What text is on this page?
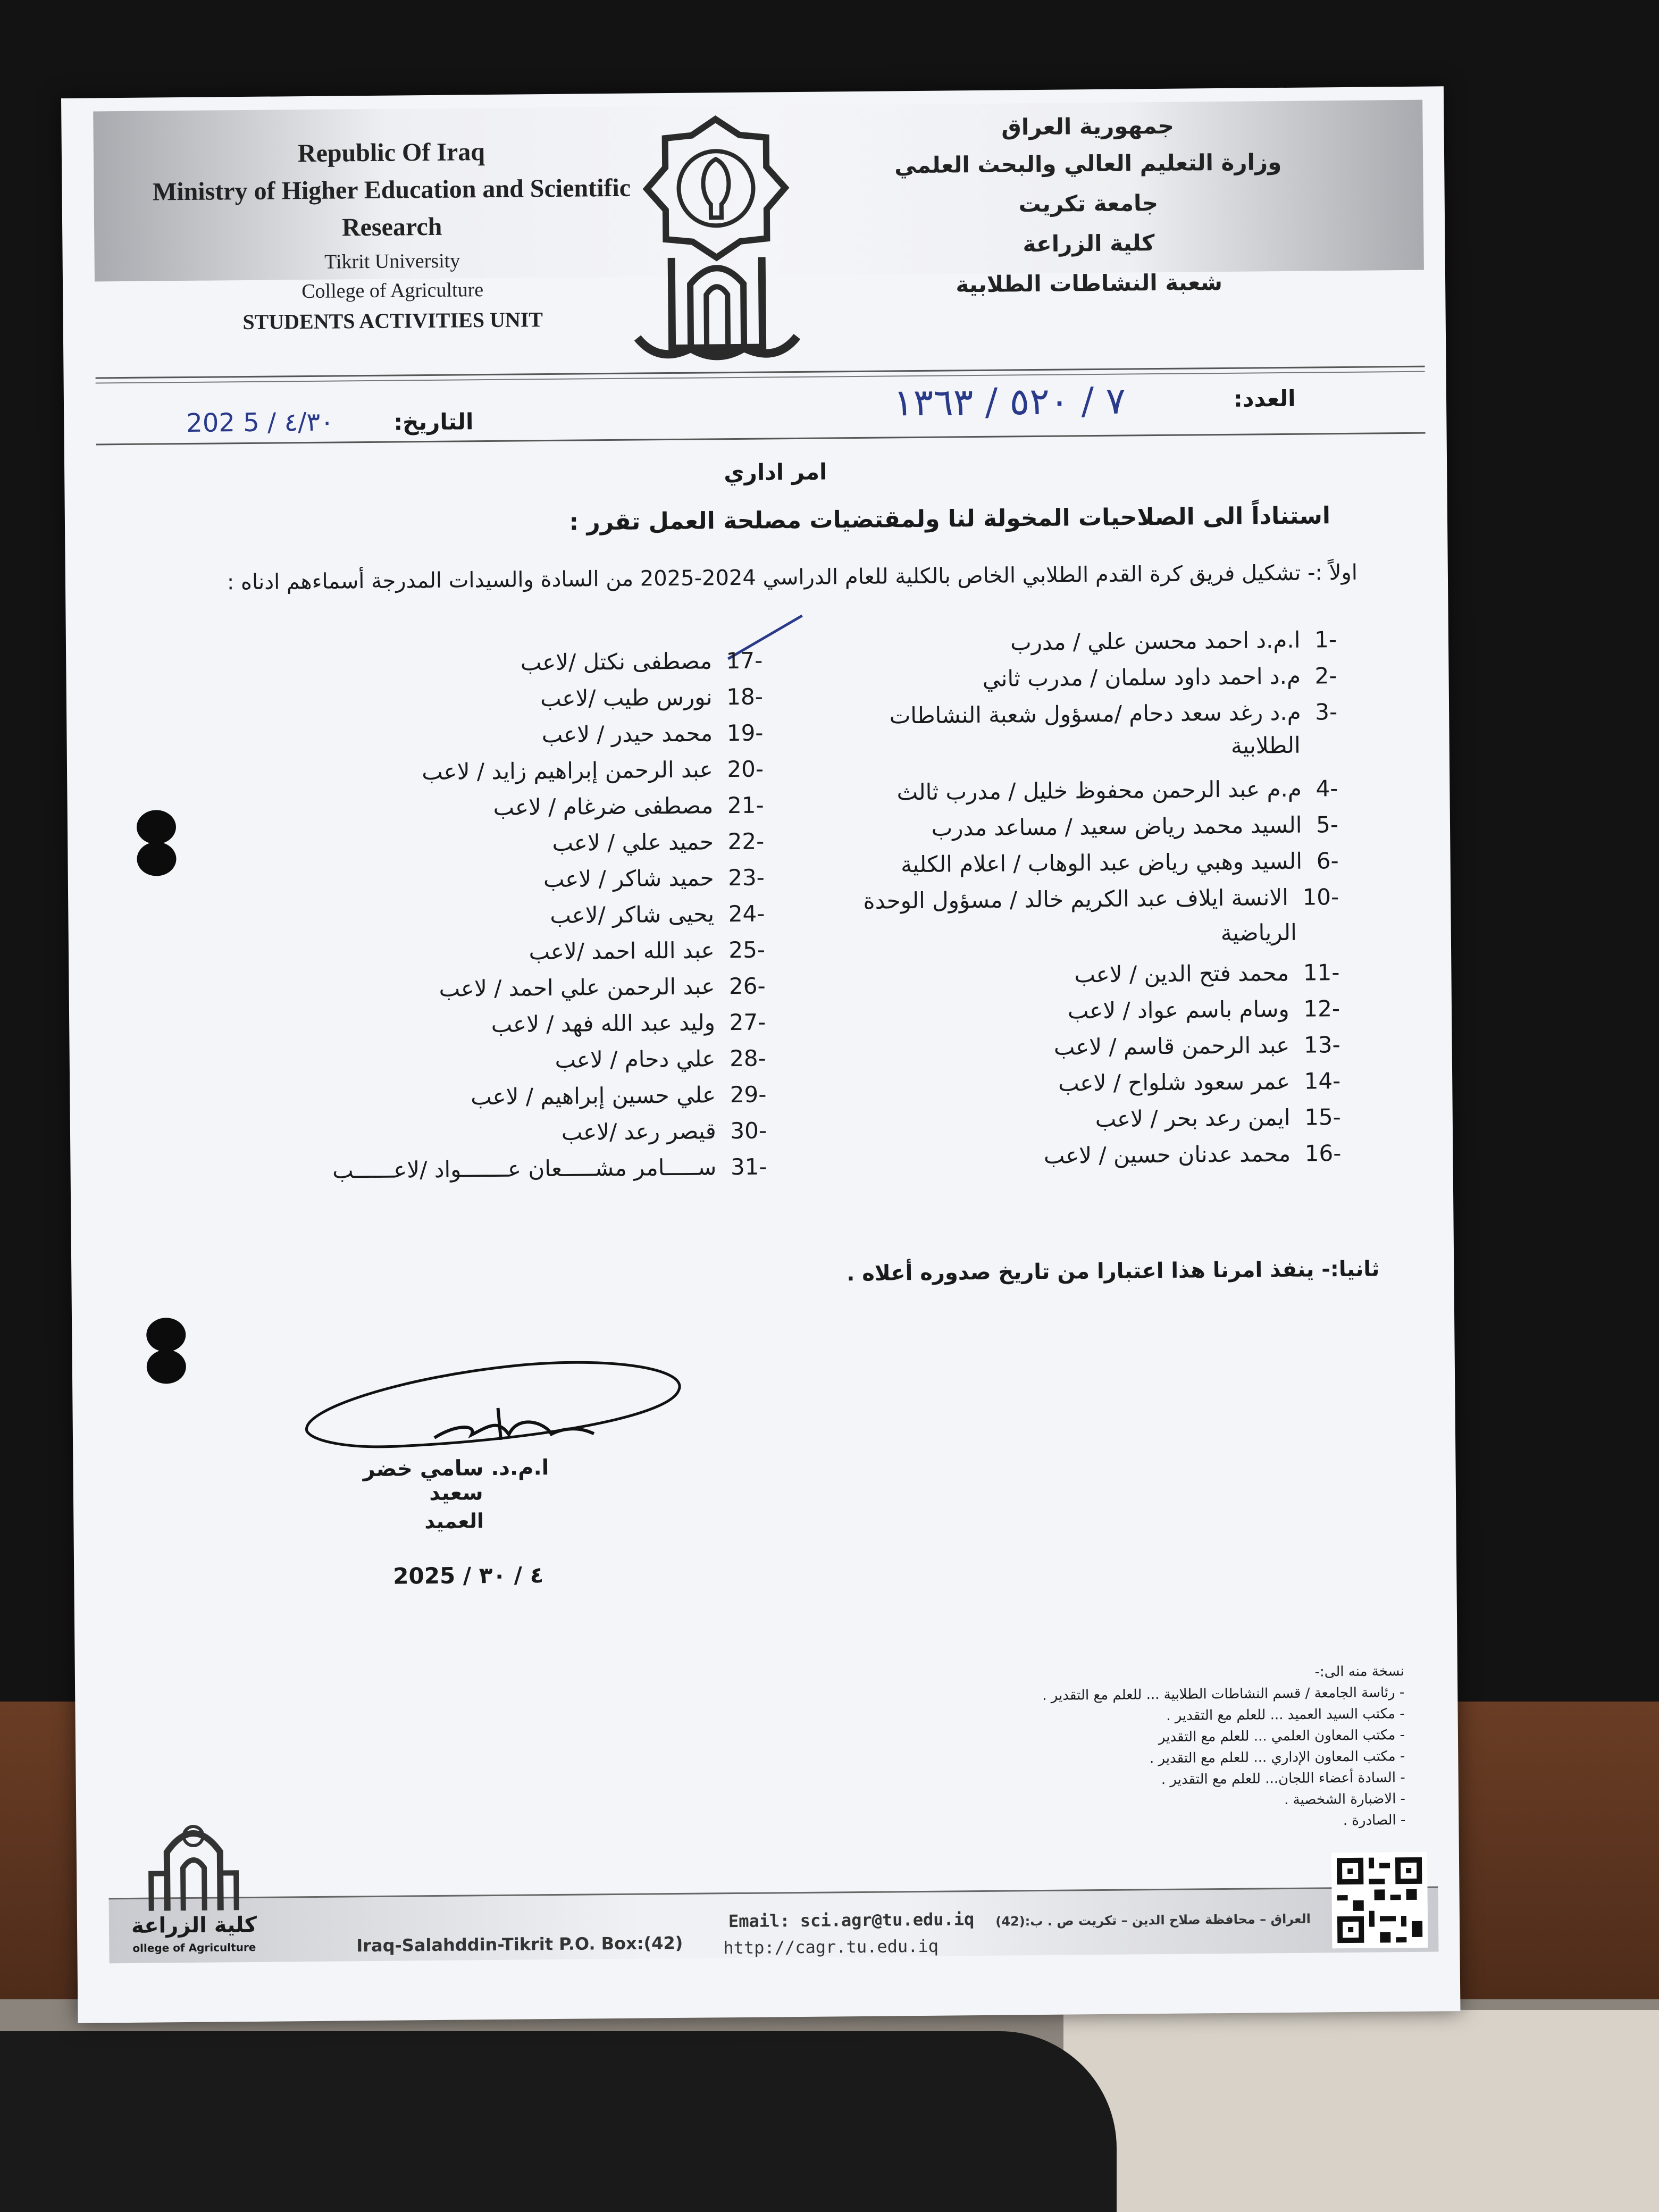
Republic Of Iraq
Ministry of Higher Education and Scientific
Research
Tikrit University
College of Agriculture
STUDENTS ACTIVITIES UNIT
جمهورية العراق
وزارة التعليم العالي والبحث العلمي
جامعة تكريت
كلية الزراعة
شعبة النشاطات الطلابية
العدد:
٧ / ٥٢٠ / ١٣٦٣
التاريخ:
202 5 / ٤/٣٠
امر اداري
استناداً الى الصلاحيات المخولة لنا ولمقتضيات مصلحة العمل تقرر :
اولاً :- تشكيل فريق كرة القدم الطلابي الخاص بالكلية للعام الدراسي 2024-2025 من السادة والسيدات المدرجة أسماءهم ادناه :
-1  ا.م.د احمد محسن علي / مدرب
-2  م.د احمد داود سلمان / مدرب ثاني
-3  م.د رغد سعد دحام /مسؤول شعبة النشاطات
الطلابية
-4  م.م عبد الرحمن محفوظ خليل / مدرب ثالث
-5  السيد محمد رياض سعيد / مساعد مدرب
-6  السيد وهبي رياض عبد الوهاب / اعلام الكلية
-10  الانسة ايلاف عبد الكريم خالد / مسؤول الوحدة
الرياضية
-11  محمد فتح الدين / لاعب
-12  وسام باسم عواد / لاعب
-13  عبد الرحمن قاسم / لاعب
-14  عمر سعود شلواح / لاعب
-15  ايمن رعد بحر / لاعب
-16  محمد عدنان حسين / لاعب
-17  مصطفى نكتل /لاعب
-18  نورس طيب /لاعب
-19  محمد حيدر / لاعب
-20  عبد الرحمن إبراهيم زايد / لاعب
-21  مصطفى ضرغام / لاعب
-22  حميد علي / لاعب
-23  حميد شاكر / لاعب
-24  يحيى شاكر /لاعب
-25  عبد الله احمد /لاعب
-26  عبد الرحمن علي احمد / لاعب
-27  وليد عبد الله فهد / لاعب
-28  علي دحام / لاعب
-29  علي حسين إبراهيم / لاعب
-30  قيصر رعد /لاعب
-31  ســـــامر مشـــــعان عـــــــواد /لاعــــــب
ثانيا:- ينفذ امرنا هذا اعتبارا من تاريخ صدوره أعلاه .
ا.م.د. سامي خضر سعيد
العميد
2025 / ٤ / ٣٠
نسخة منه الى:-
- رئاسة الجامعة / قسم النشاطات الطلابية ... للعلم مع التقدير .
- مكتب السيد العميد ... للعلم مع التقدير .
- مكتب المعاون العلمي ... للعلم مع التقدير
- مكتب المعاون الإداري ... للعلم مع التقدير .
- السادة أعضاء اللجان... للعلم مع التقدير .
- الاضبارة الشخصية .
- الصادرة .
كلية الزراعة
ollege of Agriculture	Iraq-Salahddin-Tikrit P.O. Box:(42)
Email: sci.agr@tu.edu.iq
http://cagr.tu.edu.iq
العراق – محافظة صلاح الدين – تكريت ص . ب:(42)
